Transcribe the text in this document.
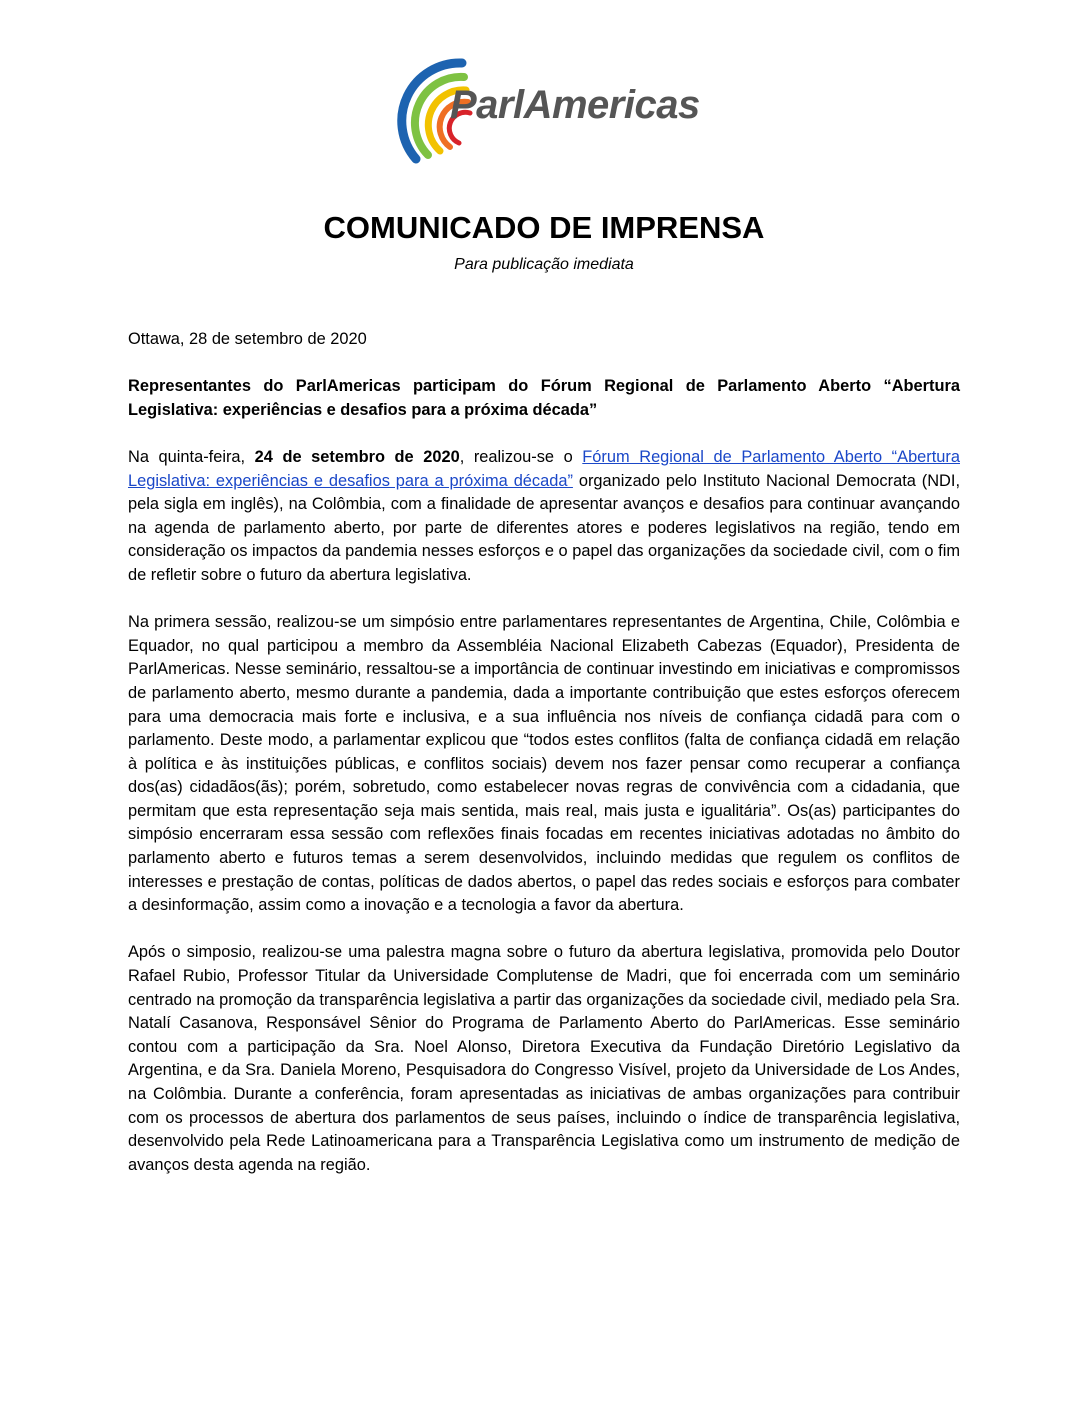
ParlAmericas
COMUNICADO DE IMPRENSA
Para publicação imediata
Ottawa, 28 de setembro de 2020

Representantes do ParlAmericas participam do Fórum Regional de Parlamento Aberto “Abertura Legislativa: experiências e desafios para a próxima década”

Na quinta-feira, 24 de setembro de 2020, realizou-se o Fórum Regional de Parlamento Aberto “Abertura Legislativa: experiências e desafios para a próxima década” organizado pelo Instituto Nacional Democrata (NDI, pela sigla em inglês), na Colômbia, com a finalidade de apresentar avanços e desafios para continuar avançando na agenda de parlamento aberto, por parte de diferentes atores e poderes legislativos na região, tendo em consideração os impactos da pandemia nesses esforços e o papel das organizações da sociedade civil, com o fim de refletir sobre o futuro da abertura legislativa.

Na primera sessão, realizou-se um simpósio entre parlamentares representantes de Argentina, Chile, Colômbia e Equador, no qual participou a membro da Assembléia Nacional Elizabeth Cabezas (Equador), Presidenta de ParlAmericas. Nesse seminário, ressaltou-se a importância de continuar investindo em iniciativas e compromissos de parlamento aberto, mesmo durante a pandemia, dada a importante contribuição que estes esforços oferecem para uma democracia mais forte e inclusiva, e a sua influência nos níveis de confiança cidadã para com o parlamento. Deste modo, a parlamentar explicou que “todos estes conflitos (falta de confiança cidadã em relação à política e às instituições públicas, e conflitos sociais) devem nos fazer pensar como recuperar a confiança dos(as) cidadãos(ãs); porém, sobretudo, como estabelecer novas regras de convivência com a cidadania, que permitam que esta representação seja mais sentida, mais real, mais justa e igualitária”. Os(as) participantes do simpósio encerraram essa sessão com reflexões finais focadas em recentes iniciativas adotadas no âmbito do parlamento aberto e futuros temas a serem desenvolvidos, incluindo medidas que regulem os conflitos de interesses e prestação de contas, políticas de dados abertos, o papel das redes sociais e esforços para combater a desinformação, assim como a inovação e a tecnologia a favor da abertura.

Após o simposio, realizou-se uma palestra magna sobre o futuro da abertura legislativa, promovida pelo Doutor Rafael Rubio, Professor Titular da Universidade Complutense de Madri, que foi encerrada com um seminário centrado na promoção da transparência legislativa a partir das organizações da sociedade civil, mediado pela Sra. Natalí Casanova, Responsável Sênior do Programa de Parlamento Aberto do ParlAmericas. Esse seminário contou com a participação da Sra. Noel Alonso, Diretora Executiva da Fundação Diretório Legislativo da Argentina, e da Sra. Daniela Moreno, Pesquisadora do Congresso Visível, projeto da Universidade de Los Andes, na Colômbia. Durante a conferência, foram apresentadas as iniciativas de ambas organizações para contribuir com os processos de abertura dos parlamentos de seus países, incluindo o índice de transparência legislativa, desenvolvido pela Rede Latinoamericana para a Transparência Legislativa como um instrumento de medição de avanços desta agenda na região.
